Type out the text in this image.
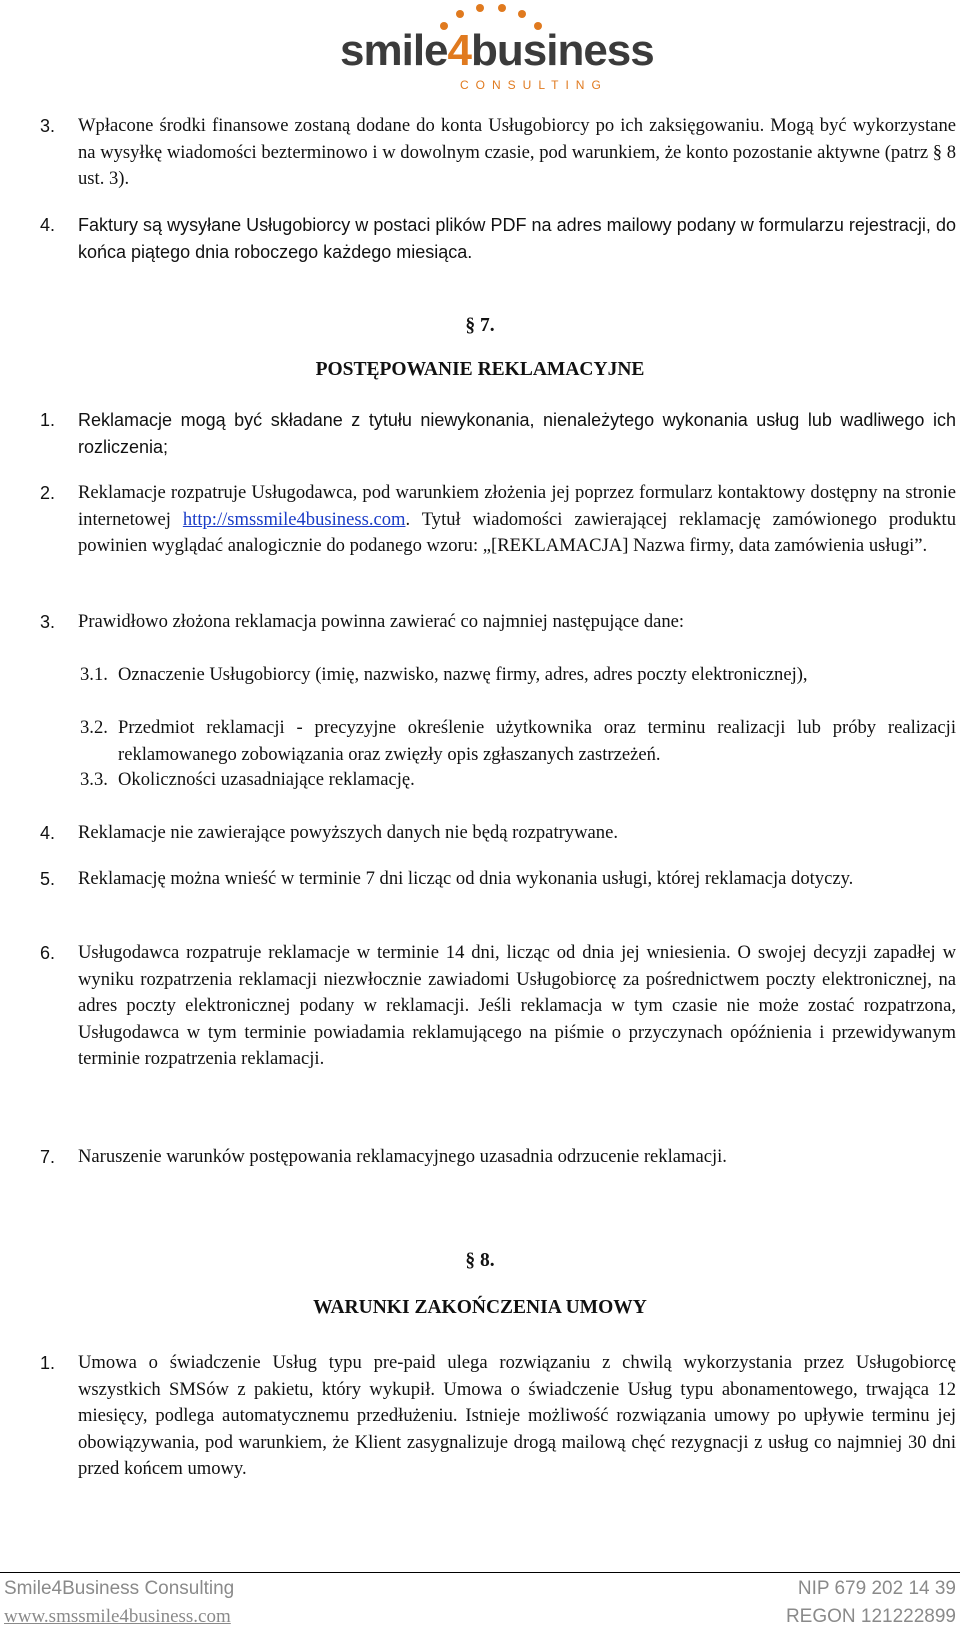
smile4business
CONSULTING
3. Wpłacone środki finansowe zostaną dodane do konta Usługobiorcy po ich zaksięgowaniu. Mogą być wykorzystane na wysyłkę wiadomości bezterminowo i w dowolnym czasie, pod warunkiem, że konto pozostanie aktywne (patrz § 8 ust. 3).
4. Faktury są wysyłane Usługobiorcy w postaci plików PDF na adres mailowy podany w formularzu rejestracji, do końca piątego dnia roboczego każdego miesiąca.
§ 7.
POSTĘPOWANIE REKLAMACYJNE
1. Reklamacje mogą być składane z tytułu niewykonania, nienależytego wykonania usług lub wadliwego ich rozliczenia;
2. Reklamacje rozpatruje Usługodawca, pod warunkiem złożenia jej poprzez formularz kontaktowy dostępny na stronie internetowej http://smssmile4business.com. Tytuł wiadomości zawierającej reklamację zamówionego produktu powinien wyglądać analogicznie do podanego wzoru: „[REKLAMACJA] Nazwa firmy, data zamówienia usługi”.
3. Prawidłowo złożona reklamacja powinna zawierać co najmniej następujące dane:
3.1. Oznaczenie Usługobiorcy (imię, nazwisko, nazwę firmy, adres, adres poczty elektronicznej),
3.2. Przedmiot reklamacji - precyzyjne określenie użytkownika oraz terminu realizacji lub próby realizacji reklamowanego zobowiązania oraz zwięzły opis zgłaszanych zastrzeżeń.
3.3. Okoliczności uzasadniające reklamację.
4. Reklamacje nie zawierające powyższych danych nie będą rozpatrywane.
5. Reklamację można wnieść w terminie 7 dni licząc od dnia wykonania usługi, której reklamacja dotyczy.
6. Usługodawca rozpatruje reklamacje w terminie 14 dni, licząc od dnia jej wniesienia. O swojej decyzji zapadłej w wyniku rozpatrzenia reklamacji niezwłocznie zawiadomi Usługobiorcę za pośrednictwem poczty elektronicznej, na adres poczty elektronicznej podany w reklamacji. Jeśli reklamacja w tym czasie nie może zostać rozpatrzona, Usługodawca w tym terminie powiadamia reklamującego na piśmie o przyczynach opóźnienia i przewidywanym terminie rozpatrzenia reklamacji.
7. Naruszenie warunków postępowania reklamacyjnego uzasadnia odrzucenie reklamacji.
§ 8.
WARUNKI ZAKOŃCZENIA UMOWY
1. Umowa o świadczenie Usług typu pre-paid ulega rozwiązaniu z chwilą wykorzystania przez Usługobiorcę wszystkich SMSów z pakietu, który wykupił. Umowa o świadczenie Usług typu abonamentowego, trwająca 12 miesięcy, podlega automatycznemu przedłużeniu. Istnieje możliwość rozwiązania umowy po upływie terminu jej obowiązywania, pod warunkiem, że Klient zasygnalizuje drogą mailową chęć rezygnacji z usług co najmniej 30 dni przed końcem umowy.
Smile4Business Consulting
www.smssmile4business.com
NIP 679 202 14 39
REGON 121222899
